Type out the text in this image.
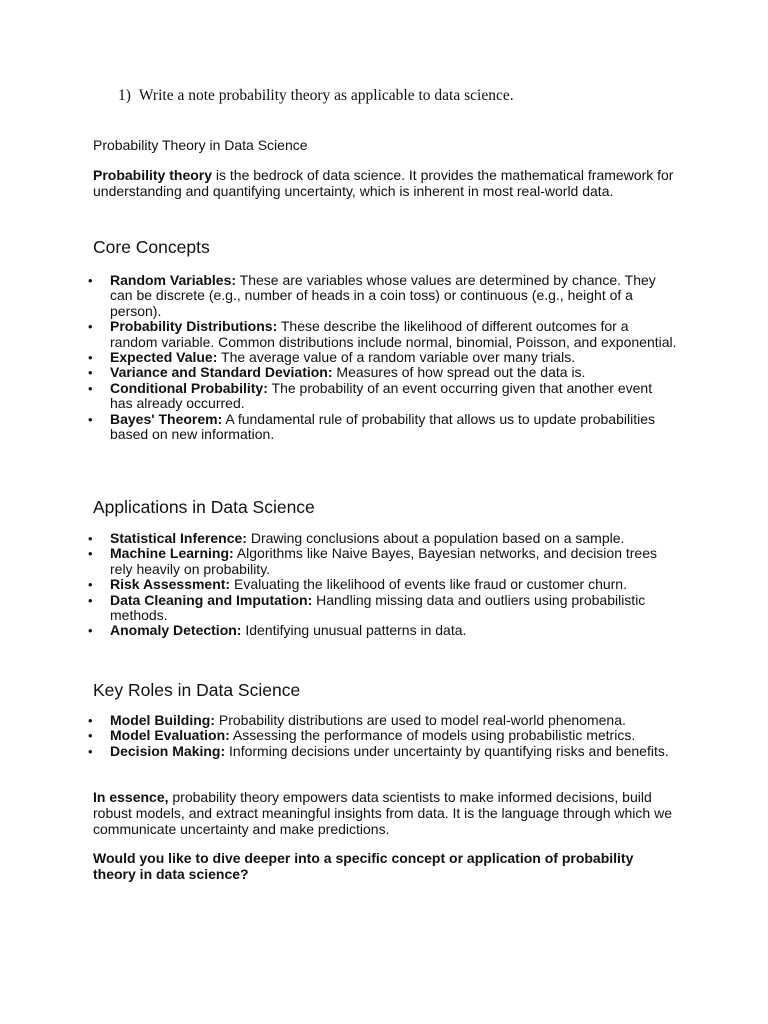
1) Write a note probability theory as applicable to data science.
Probability Theory in Data Science

Probability theory is the bedrock of data science. It provides the mathematical framework for understanding and quantifying uncertainty, which is inherent in most real-world data.

Core Concepts
• Random Variables: These are variables whose values are determined by chance. They can be discrete (e.g., number of heads in a coin toss) or continuous (e.g., height of a person).
• Probability Distributions: These describe the likelihood of different outcomes for a random variable. Common distributions include normal, binomial, Poisson, and exponential.
• Expected Value: The average value of a random variable over many trials.
• Variance and Standard Deviation: Measures of how spread out the data is.
• Conditional Probability: The probability of an event occurring given that another event has already occurred.
• Bayes' Theorem: A fundamental rule of probability that allows us to update probabilities based on new information.
Applications in Data Science
• Statistical Inference: Drawing conclusions about a population based on a sample.
• Machine Learning: Algorithms like Naive Bayes, Bayesian networks, and decision trees rely heavily on probability.
• Risk Assessment: Evaluating the likelihood of events like fraud or customer churn.
• Data Cleaning and Imputation: Handling missing data and outliers using probabilistic methods.
• Anomaly Detection: Identifying unusual patterns in data.
Key Roles in Data Science
• Model Building: Probability distributions are used to model real-world phenomena.
• Model Evaluation: Assessing the performance of models using probabilistic metrics.
• Decision Making: Informing decisions under uncertainty by quantifying risks and benefits.

In essence, probability theory empowers data scientists to make informed decisions, build robust models, and extract meaningful insights from data. It is the language through which we communicate uncertainty and make predictions.

Would you like to dive deeper into a specific concept or application of probability theory in data science?
